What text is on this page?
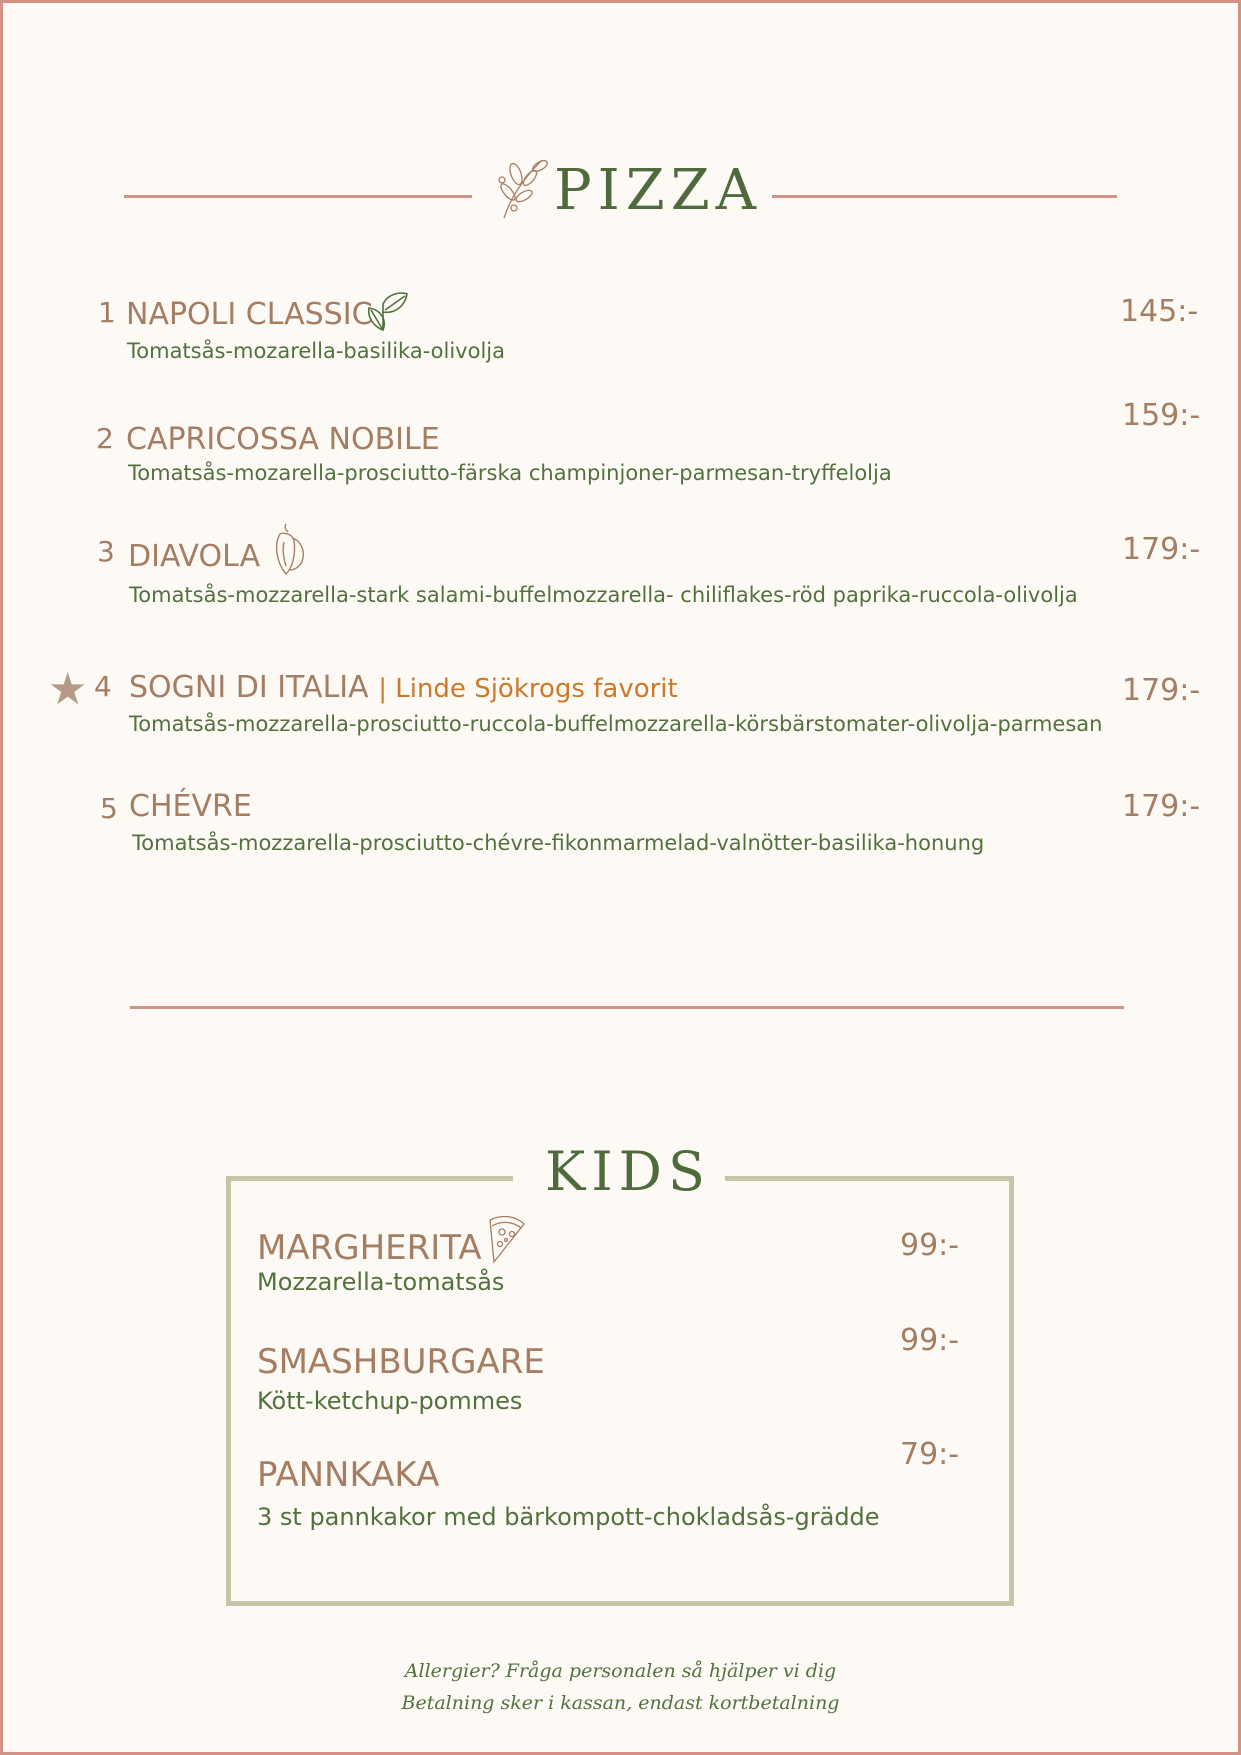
PIZZA
1 NAPOLI CLASSIC	145:-
Tomatsås-mozarella-basilika-olivolja
2 CAPRICOSSA NOBILE
159:-
Tomatsås-mozarella-prosciutto-färska champinjoner-parmesan-tryffelolja
3 DIAVOLA	179:-
Tomatsås-mozzarella-stark salami-buffelmozzarella- chiliflakes-röd paprika-ruccola-olivolja
★ 4 SOGNI DI ITALIA | Linde Sjökrogs favorit	179:-
Tomatsås-mozzarella-prosciutto-ruccola-buffelmozzarella-körsbärstomater-olivolja-parmesan
5 CHÉVRE	179:-
Tomatsås-mozzarella-prosciutto-chévre-fikonmarmelad-valnötter-basilika-honung
KIDS
MARGHERITA	99:-
Mozzarella-tomatsås
SMASHBURGARE
99:-
Kött-ketchup-pommes
PANNKAKA
79:-
3 st pannkakor med bärkompott-chokladsås-grädde
Allergier? Fråga personalen så hjälper vi dig
Betalning sker i kassan, endast kortbetalning
